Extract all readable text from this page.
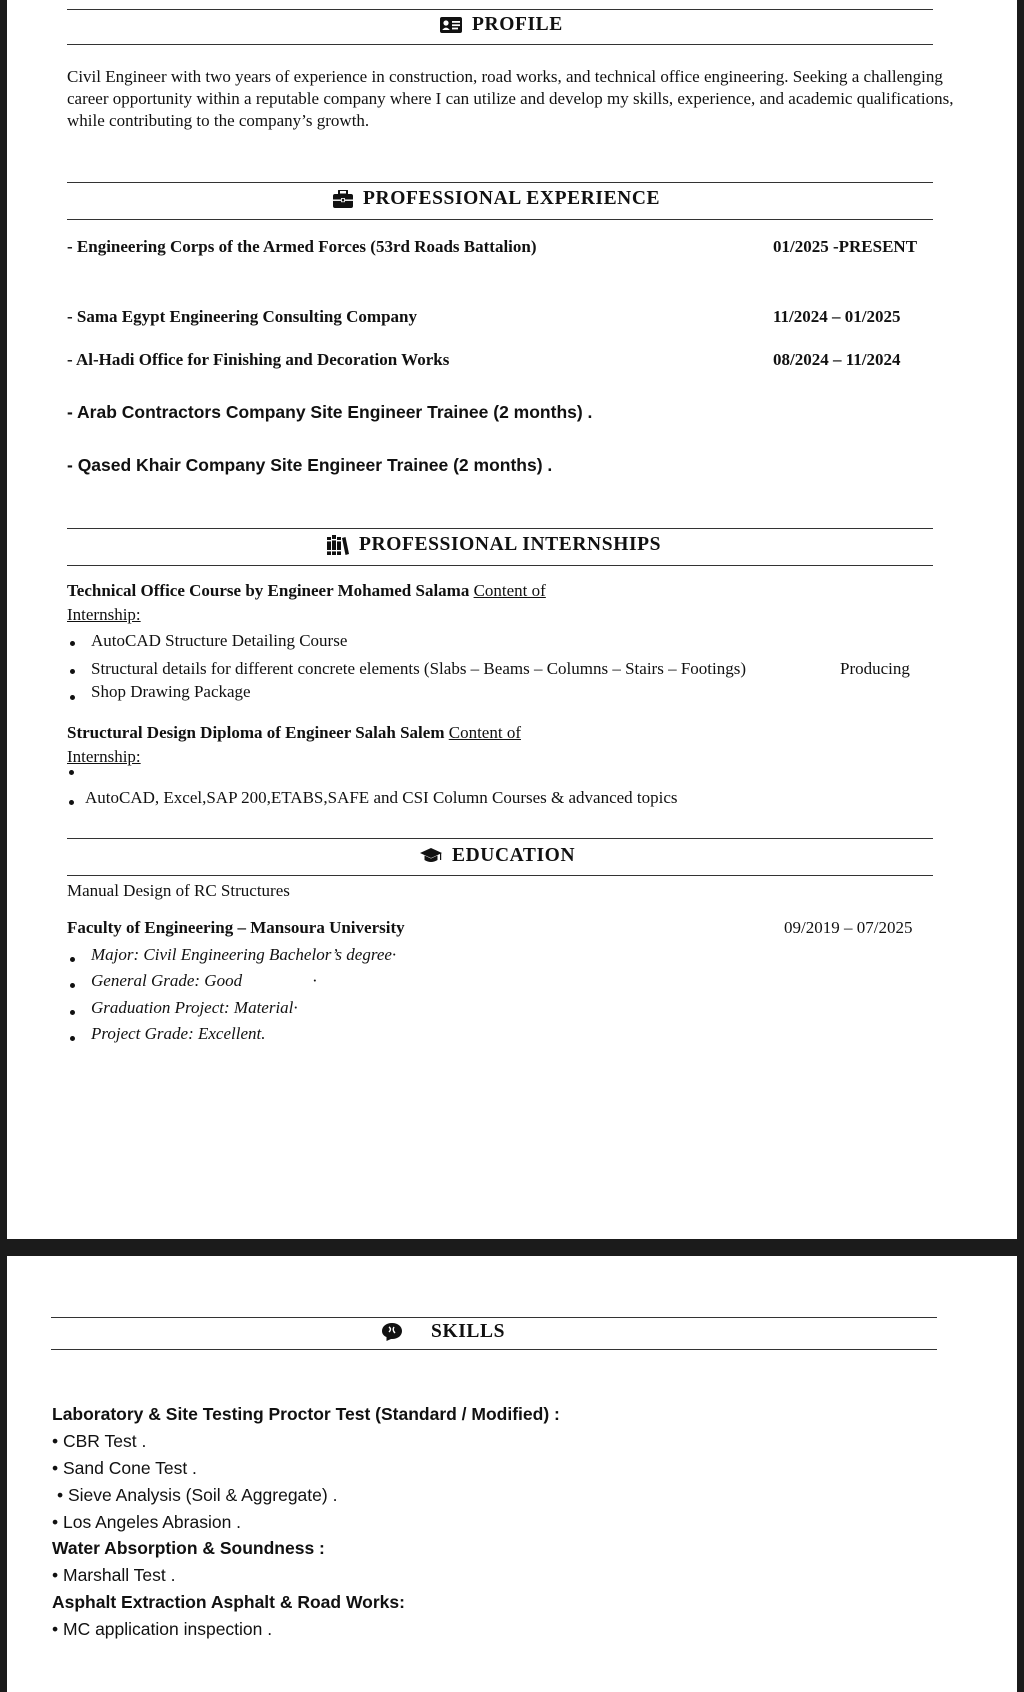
PROFILE
Civil Engineer with two years of experience in construction, road works, and technical office engineering. Seeking a challenging career opportunity within a reputable company where I can utilize and develop my skills, experience, and academic qualifications, while contributing to the company’s growth.
PROFESSIONAL EXPERIENCE
- Engineering Corps of the Armed Forces (53rd Roads Battalion)	01/2025 -PRESENT
- Sama Egypt Engineering Consulting Company	11/2024 – 01/2025
- Al-Hadi Office for Finishing and Decoration Works	08/2024 – 11/2024
- Arab Contractors Company Site Engineer Trainee (2 months) .
- Qased Khair Company Site Engineer Trainee (2 months) .
PROFESSIONAL INTERNSHIPS
Technical Office Course by Engineer Mohamed Salama Content of
Internship:
AutoCAD Structure Detailing Course
Structural details for different concrete elements (Slabs – Beams – Columns – Stairs – Footings)	Producing
Shop Drawing Package
Structural Design Diploma of Engineer Salah Salem Content of
Internship:
AutoCAD, Excel,SAP 200,ETABS,SAFE and CSI Column Courses & advanced topics
EDUCATION
Manual Design of RC Structures
Faculty of Engineering – Mansoura University	09/2019 – 07/2025
Major: Civil Engineering Bachelor’s degree·
General Grade: Good	·
Graduation Project: Material·
Project Grade: Excellent.
SKILLS
Laboratory & Site Testing Proctor Test (Standard / Modified) :
• CBR Test .
• Sand Cone Test .
• Sieve Analysis (Soil & Aggregate) .
• Los Angeles Abrasion .
Water Absorption & Soundness :
• Marshall Test .
Asphalt Extraction Asphalt & Road Works:
• MC application inspection .
